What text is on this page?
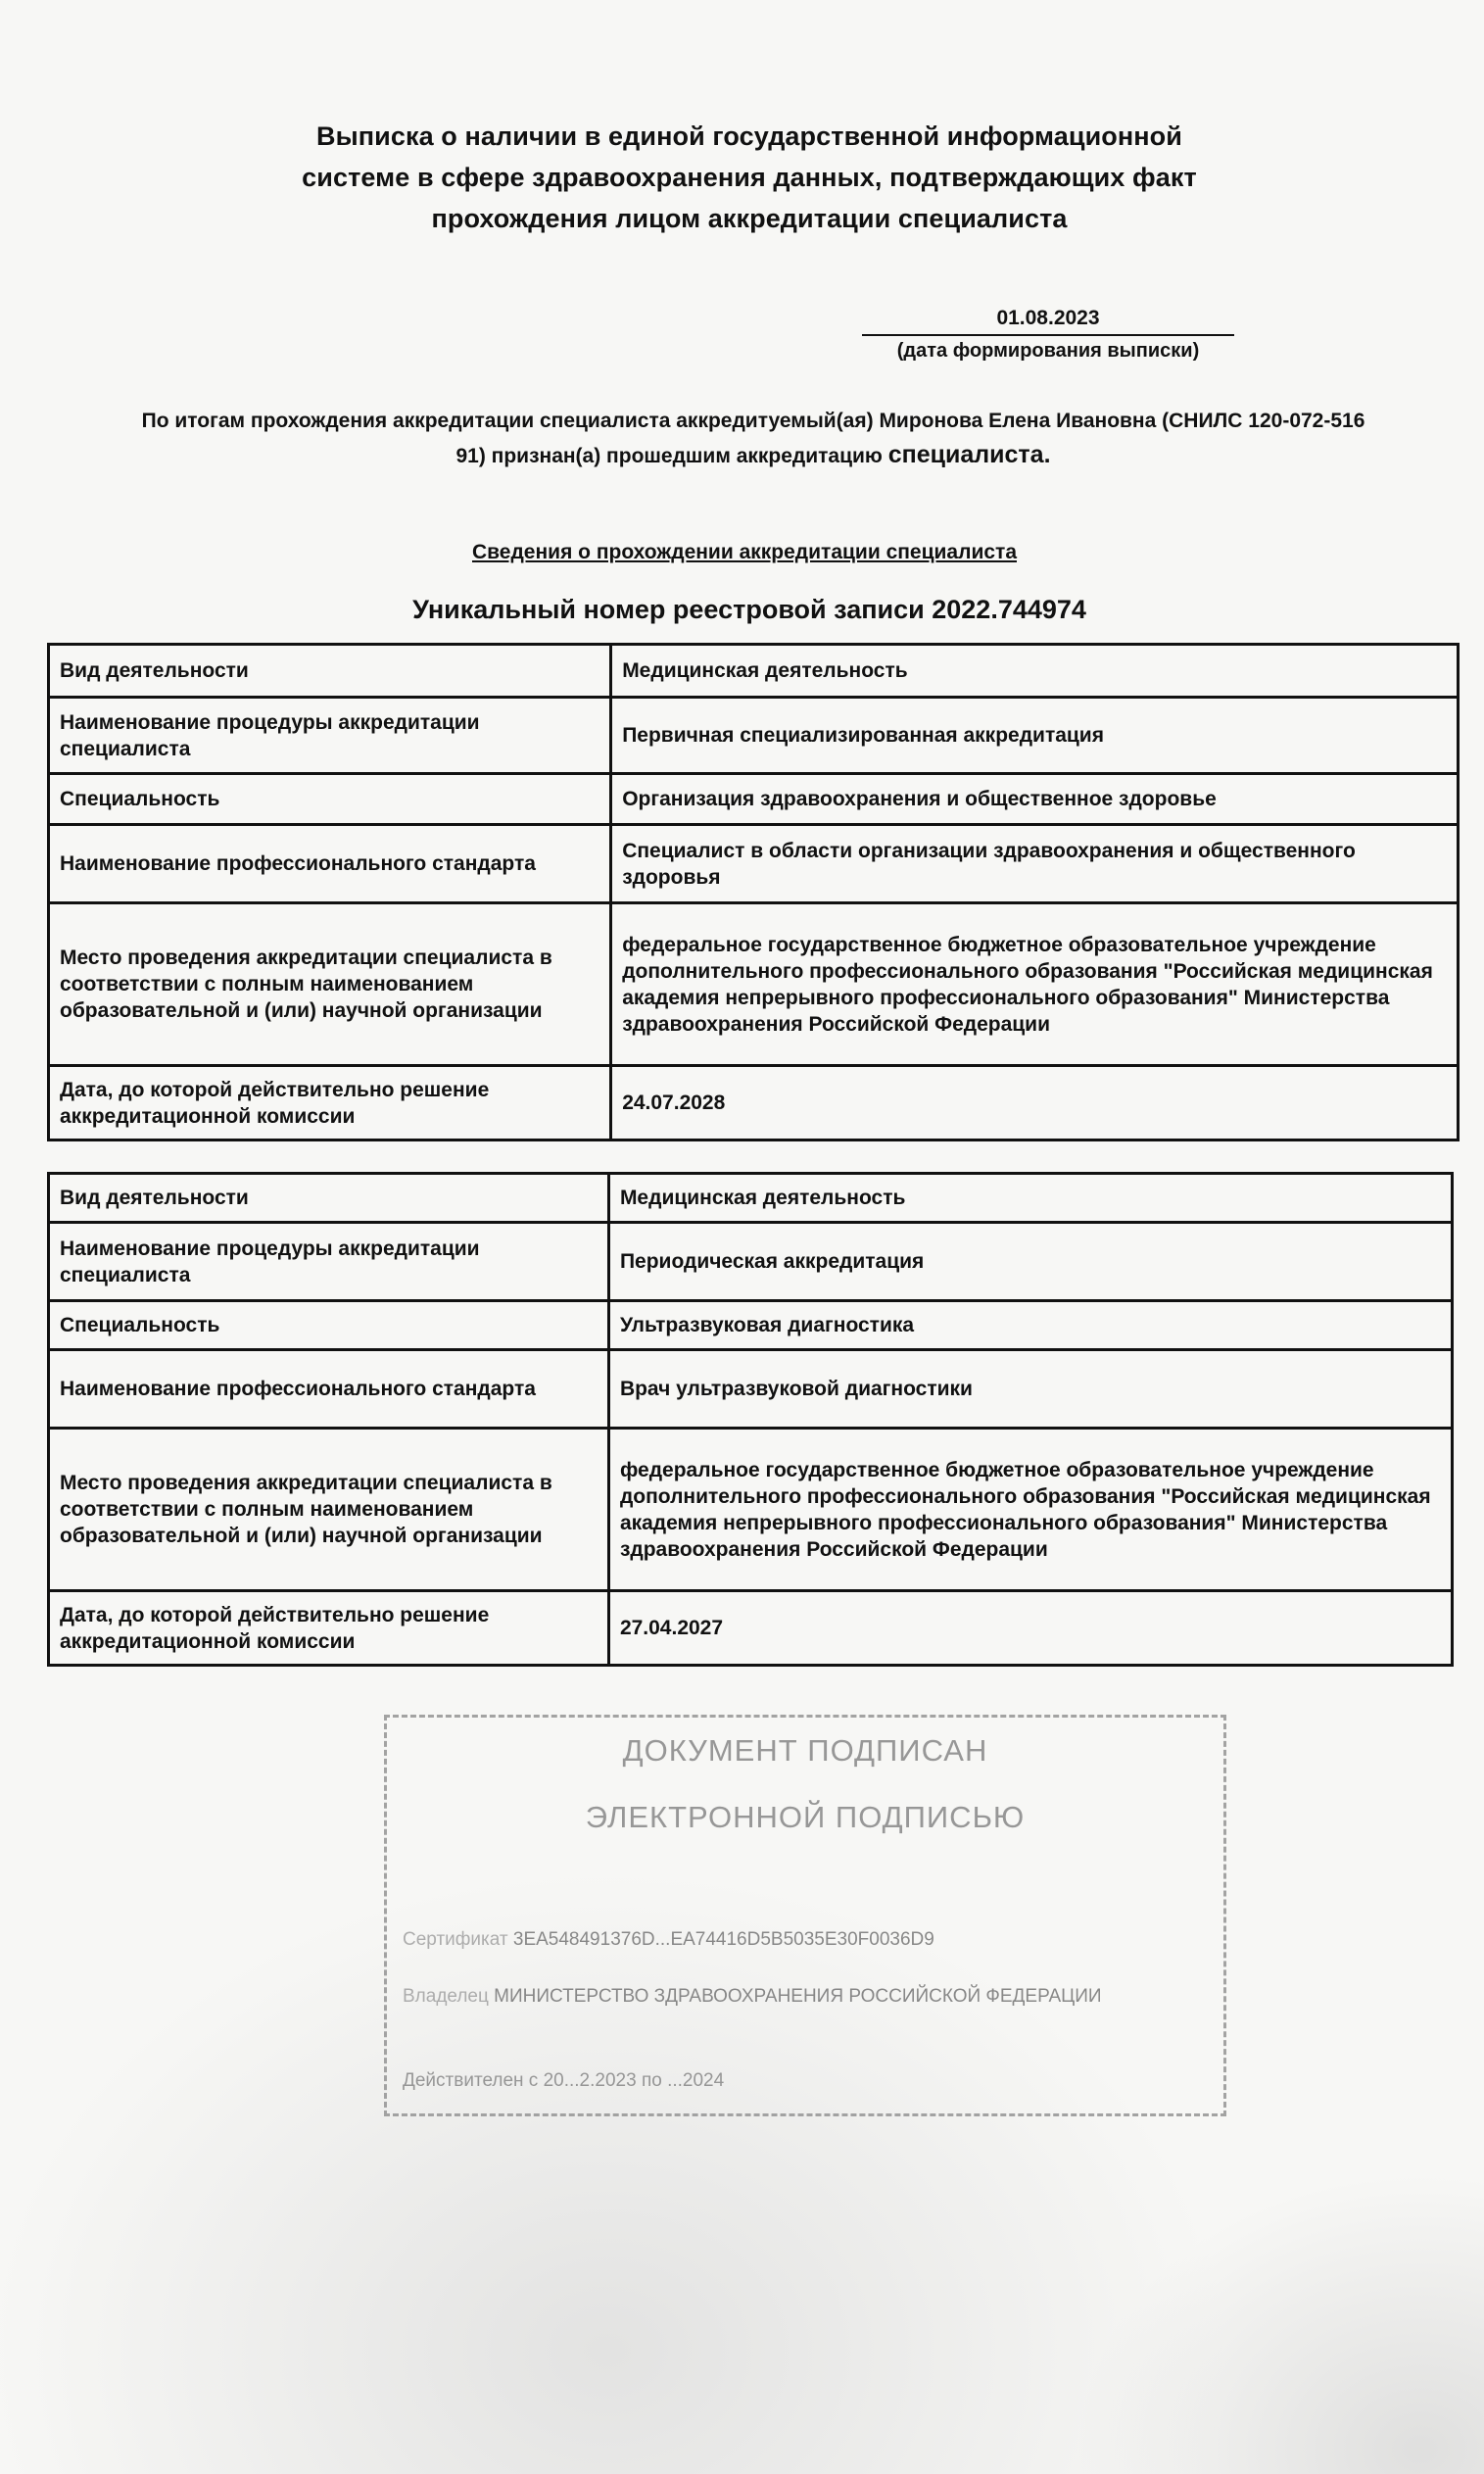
Выписка о наличии в единой государственной информационной
системе в сфере здравоохранения данных, подтверждающих факт
прохождения лицом аккредитации специалиста
01.08.2023
(дата формирования выписки)
По итогам прохождения аккредитации специалиста аккредитуемый(ая) Миронова Елена Ивановна (СНИЛС 120-072-516
91) признан(а) прошедшим аккредитацию специалиста.
Сведения о прохождении аккредитации специалиста
Уникальный номер реестровой записи 2022.744974
Вид деятельности	Медицинская деятельность
Наименование процедуры аккредитации специалиста	Первичная специализированная аккредитация
Специальность	Организация здравоохранения и общественное здоровье
Наименование профессионального стандарта	Специалист в области организации здравоохранения и общественного здоровья
Место проведения аккредитации специалиста в соответствии с полным наименованием образовательной и (или) научной организации	федеральное государственное бюджетное образовательное учреждение дополнительного профессионального образования "Российская медицинская академия непрерывного профессионального образования" Министерства здравоохранения Российской Федерации
Дата, до которой действительно решение аккредитационной комиссии	24.07.2028
Вид деятельности	Медицинская деятельность
Наименование процедуры аккредитации специалиста	Периодическая аккредитация
Специальность	Ультразвуковая диагностика
Наименование профессионального стандарта	Врач ультразвуковой диагностики
Место проведения аккредитации специалиста в соответствии с полным наименованием образовательной и (или) научной организации	федеральное государственное бюджетное образовательное учреждение дополнительного профессионального образования "Российская медицинская академия непрерывного профессионального образования" Министерства здравоохранения Российской Федерации
Дата, до которой действительно решение аккредитационной комиссии	27.04.2027
ДОКУМЕНТ ПОДПИСАН
ЭЛЕКТРОННОЙ ПОДПИСЬЮ
Сертификат 3EA548491376D...EA74416D5B5035E30F0036D9
Владелец МИНИСТЕРСТВО ЗДРАВООХРАНЕНИЯ РОССИЙСКОЙ ФЕДЕРАЦИИ
Действителен с 20...2.2023 по ...2024
